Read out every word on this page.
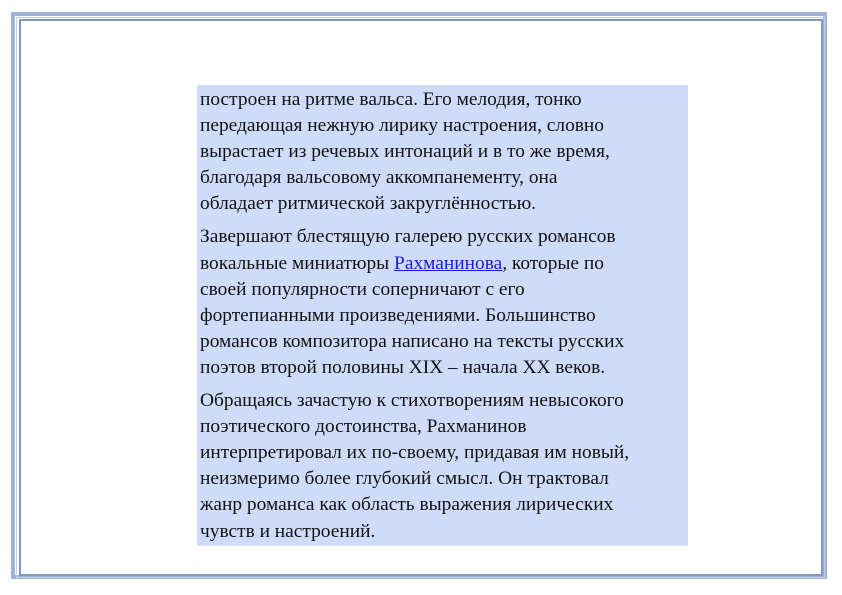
построен на ритме вальса. Его мелодия, тонко
передающая нежную лирику настроения, словно
вырастает из речевых интонаций и в то же время,
благодаря вальсовому аккомпанементу, она
обладает ритмической закруглённостью.

Завершают блестящую галерею русских романсов
вокальные миниатюры Рахманинова, которые по
своей популярности соперничают с его
фортепианными произведениями. Большинство
романсов композитора написано на тексты русских
поэтов второй половины XIX – начала XX веков.

Обращаясь зачастую к стихотворениям невысокого
поэтического достоинства, Рахманинов
интерпретировал их по-своему, придавая им новый,
неизмеримо более глубокий смысл. Он трактовал
жанр романса как область выражения лирических
чувств и настроений.
